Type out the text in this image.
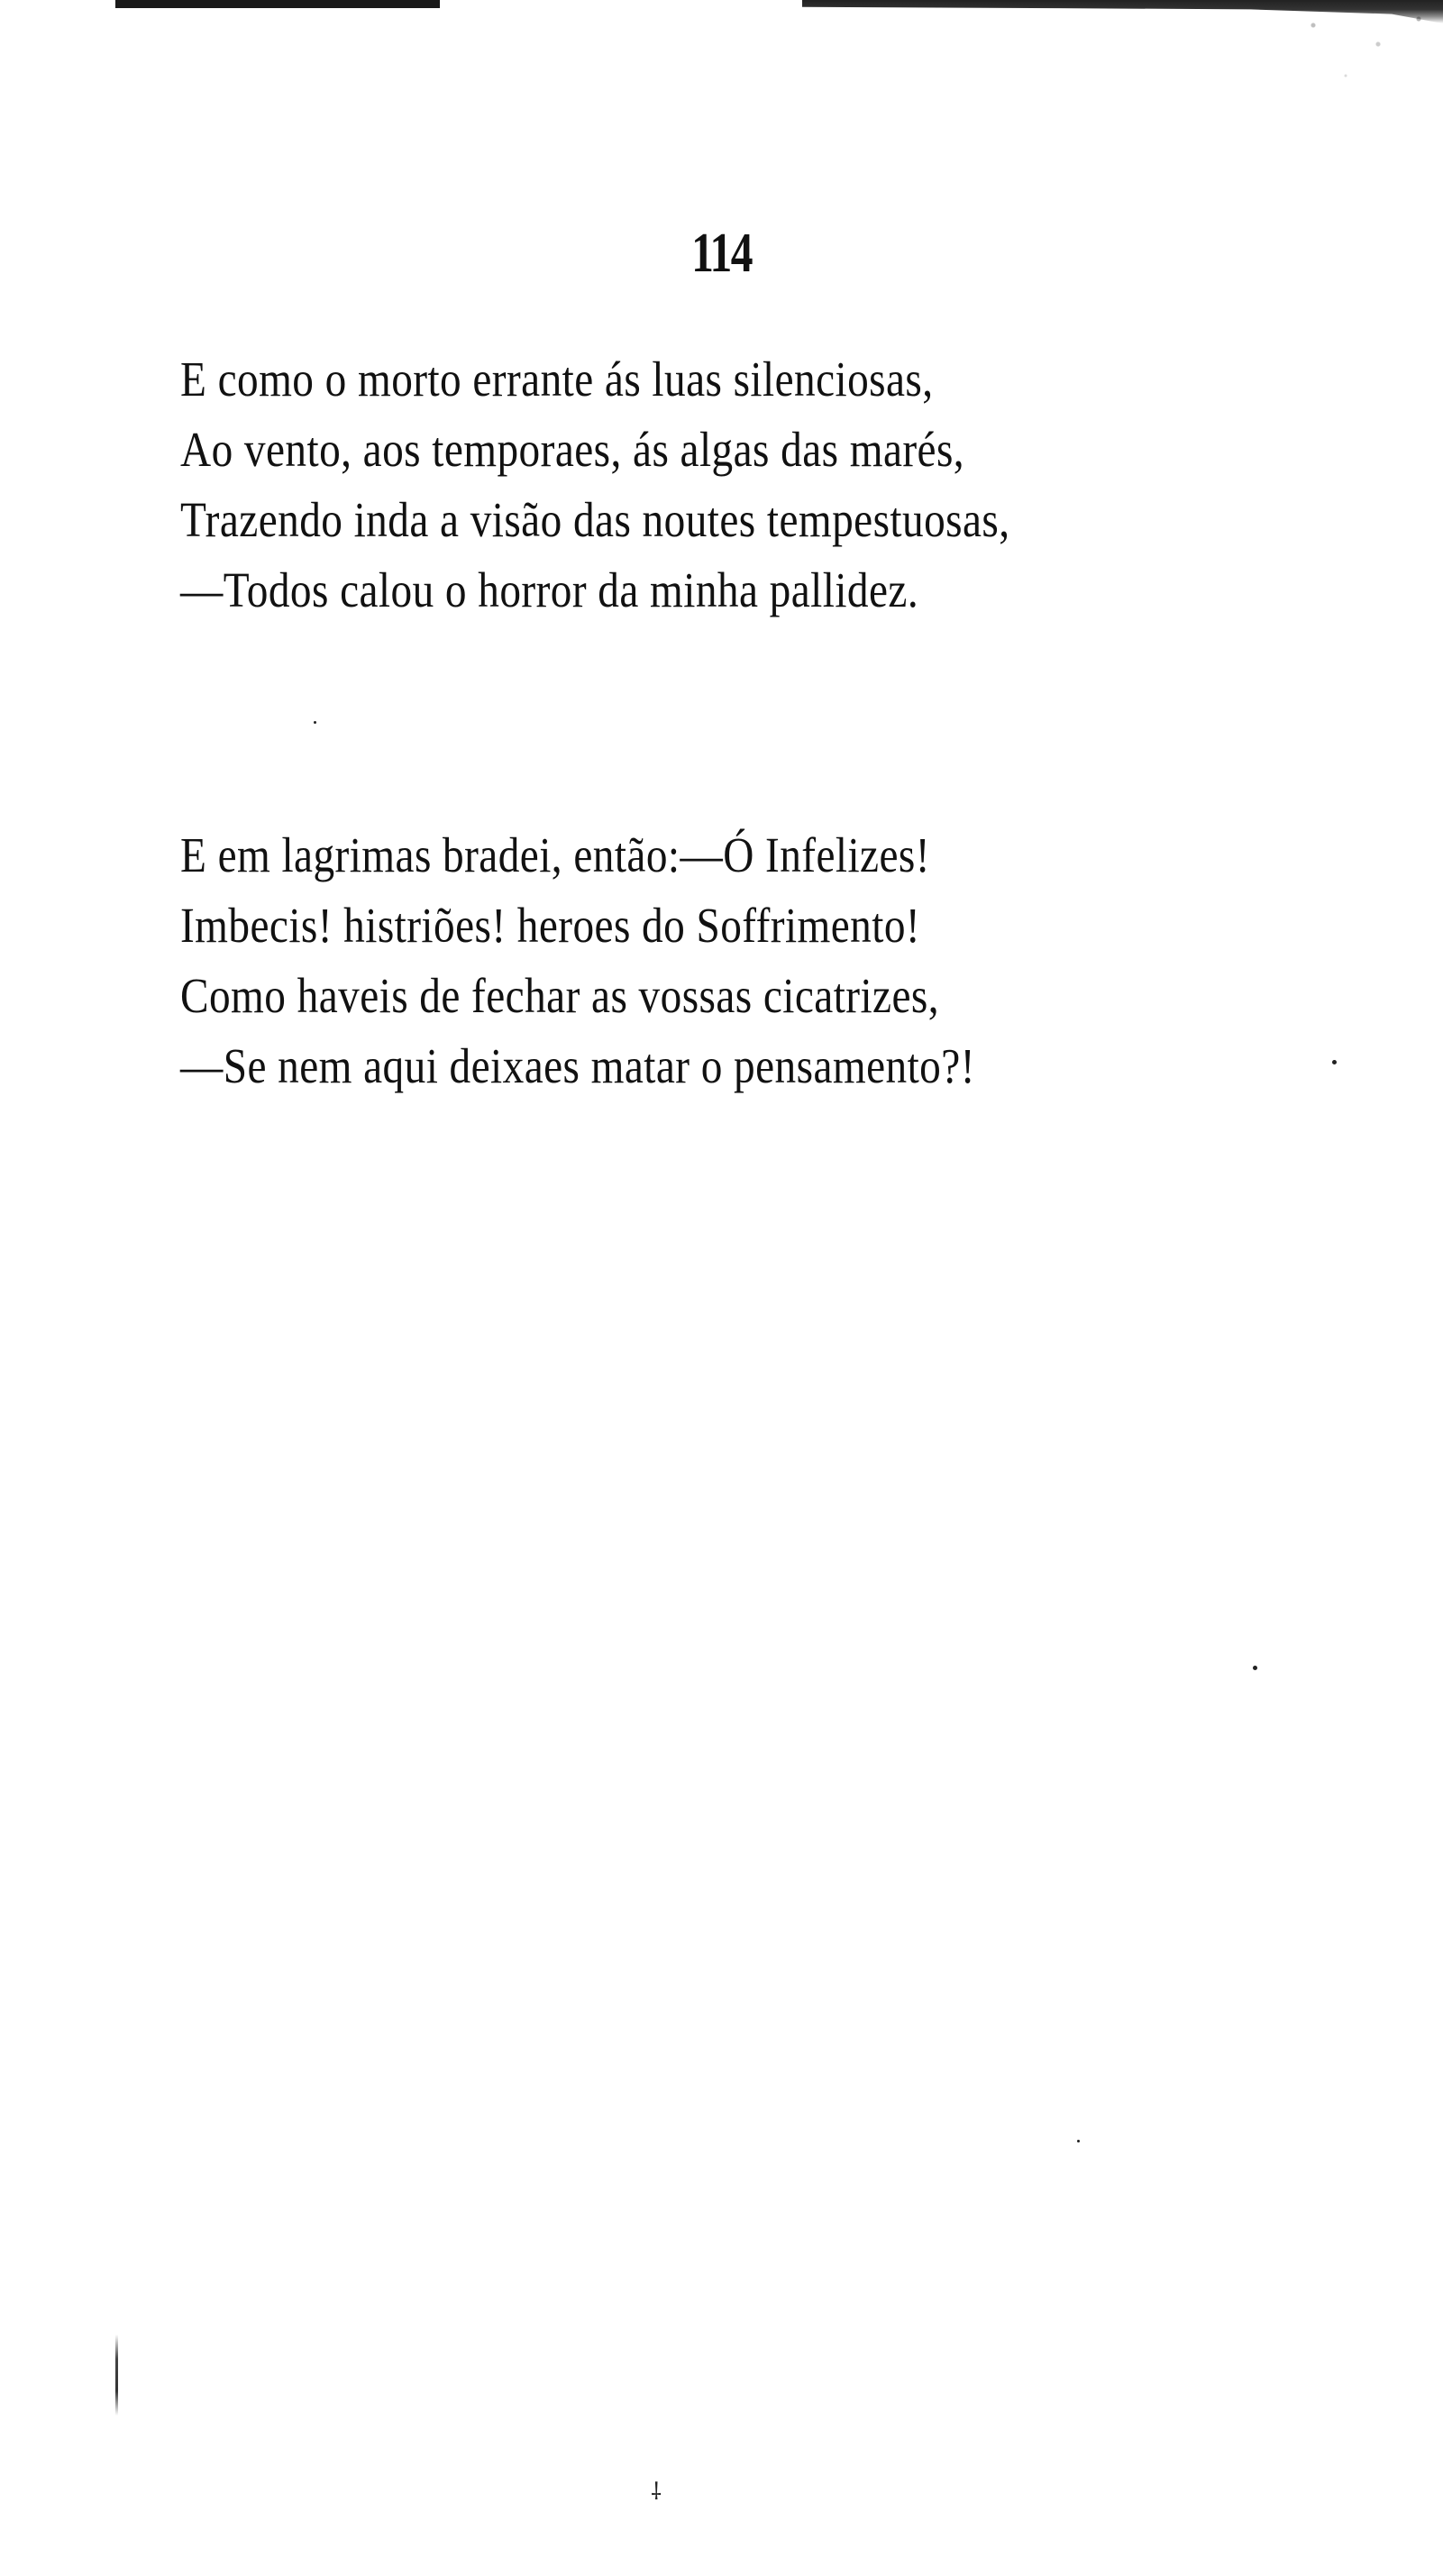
114
E como o morto errante ás luas silenciosas,
Ao vento, aos temporaes, ás algas das marés,
Trazendo inda a visão das noutes tempestuosas,
—Todos calou o horror da minha pallidez.
E em lagrimas bradei, então:—Ó Infelizes!
Imbecis! histriões! heroes do Soffrimento!
Como haveis de fechar as vossas cicatrizes,
—Se nem aqui deixaes matar o pensamento?!
⸸
